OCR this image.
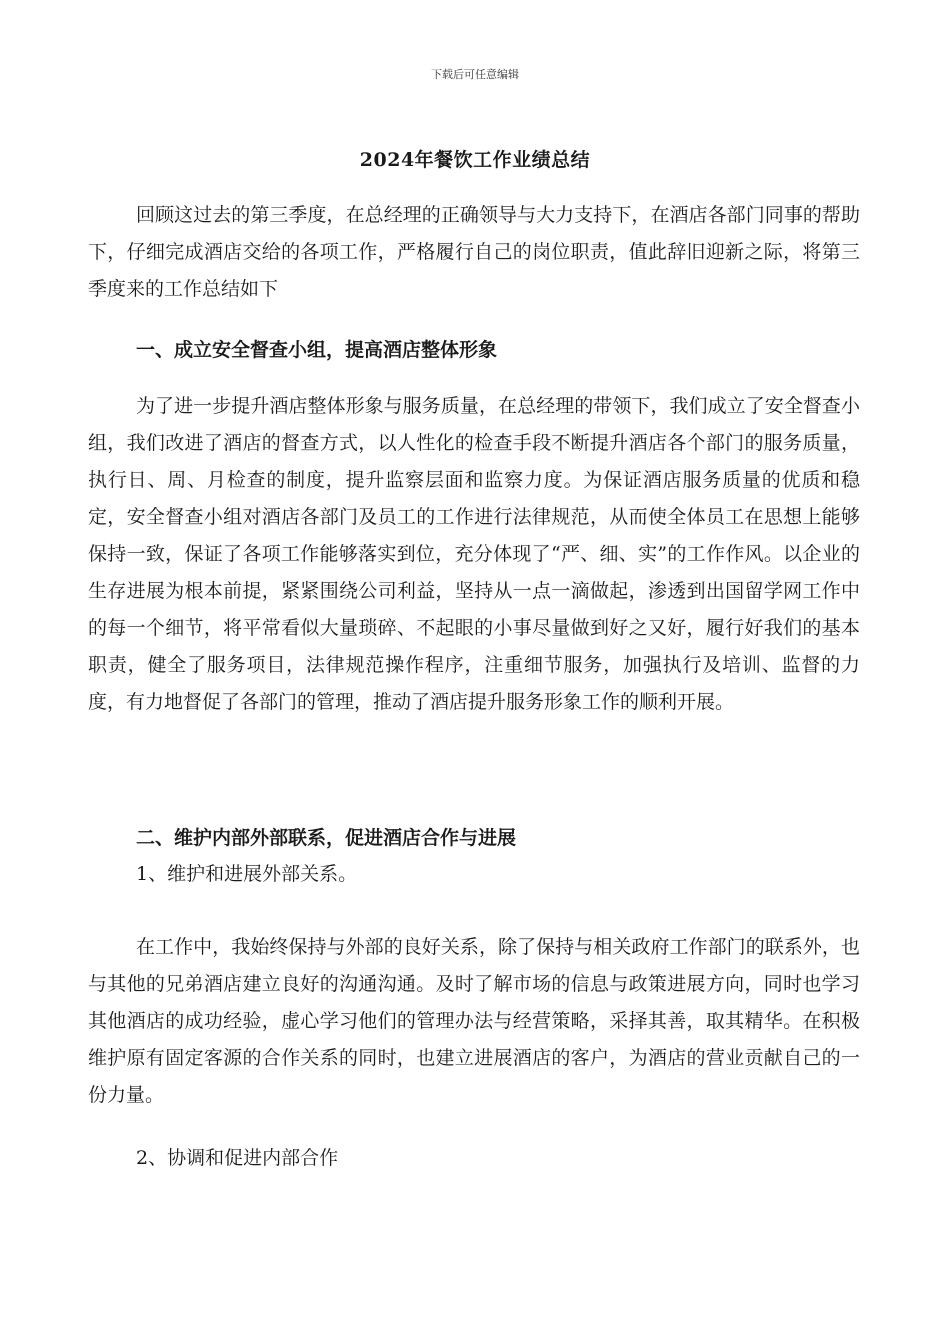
下载后可任意编辑
2024年餐饮工作业绩总结

回顾这过去的第三季度，在总经理的正确领导与大力支持下，在酒店各部门同事的帮助下，仔细完成酒店交给的各项工作，严格履行自己的岗位职责，值此辞旧迎新之际，将第三季度来的工作总结如下

一、成立安全督查小组，提高酒店整体形象

为了进一步提升酒店整体形象与服务质量，在总经理的带领下，我们成立了安全督查小组，我们改进了酒店的督查方式，以人性化的检查手段不断提升酒店各个部门的服务质量，执行日、周、月检查的制度，提升监察层面和监察力度。为保证酒店服务质量的优质和稳定，安全督查小组对酒店各部门及员工的工作进行法律规范，从而使全体员工在思想上能够保持一致，保证了各项工作能够落实到位，充分体现了“严、细、实”的工作作风。以企业的生存进展为根本前提，紧紧围绕公司利益，坚持从一点一滴做起，渗透到出国留学网工作中的每一个细节，将平常看似大量琐碎、不起眼的小事尽量做到好之又好，履行好我们的基本职责，健全了服务项目，法律规范操作程序，注重细节服务，加强执行及培训、监督的力度，有力地督促了各部门的管理，推动了酒店提升服务形象工作的顺利开展。

二、维护内部外部联系，促进酒店合作与进展
1、维护和进展外部关系。

在工作中，我始终保持与外部的良好关系，除了保持与相关政府工作部门的联系外，也与其他的兄弟酒店建立良好的沟通沟通。及时了解市场的信息与政策进展方向，同时也学习其他酒店的成功经验，虚心学习他们的管理办法与经营策略，采择其善，取其精华。在积极维护原有固定客源的合作关系的同时，也建立进展酒店的客户，为酒店的营业贡献自己的一份力量。

2、协调和促进内部合作
